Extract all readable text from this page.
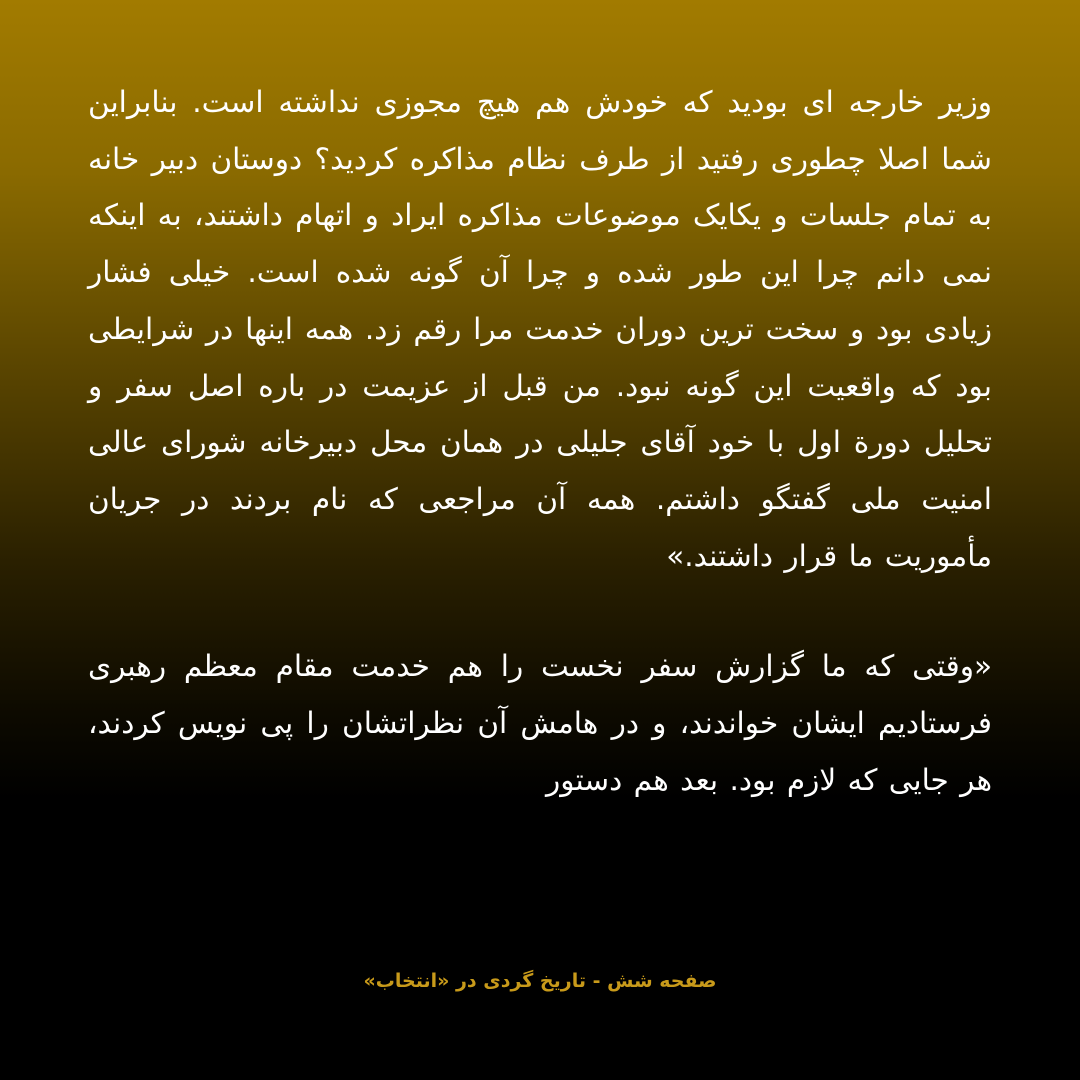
وزیر خارجه ای بودید که خودش هم هیچ مجوزی نداشته است. بنابراین شما اصلا چطوری رفتید از طرف نظام مذاکره کردید؟ دوستان دبیر خانه به تمام جلسات و یکایک موضوعات مذاکره ایراد و اتهام داشتند، به اینکه نمی دانم چرا این طور شده و چرا آن گونه شده است. خیلی فشار زیادی بود و سخت ترین دوران خدمت مرا رقم زد. همه اینها در شرایطی بود که واقعیت این گونه نبود. من قبل از عزیمت در باره اصل سفر و تحلیل دورة اول با خود آقای جلیلی در همان محل دبیرخانه شورای عالی امنیت ملی گفتگو داشتم. همه آن مراجعی که نام بردند در جریان مأموریت ما قرار داشتند.»

«وقتی که ما گزارش سفر نخست را هم خدمت مقام معظم رهبری فرستادیم ایشان خواندند، و در هامش آن نظراتشان را پی نویس کردند، هر جایی که لازم بود. بعد هم دستور

صفحه شش - تاریخ گردی در «انتخاب»
